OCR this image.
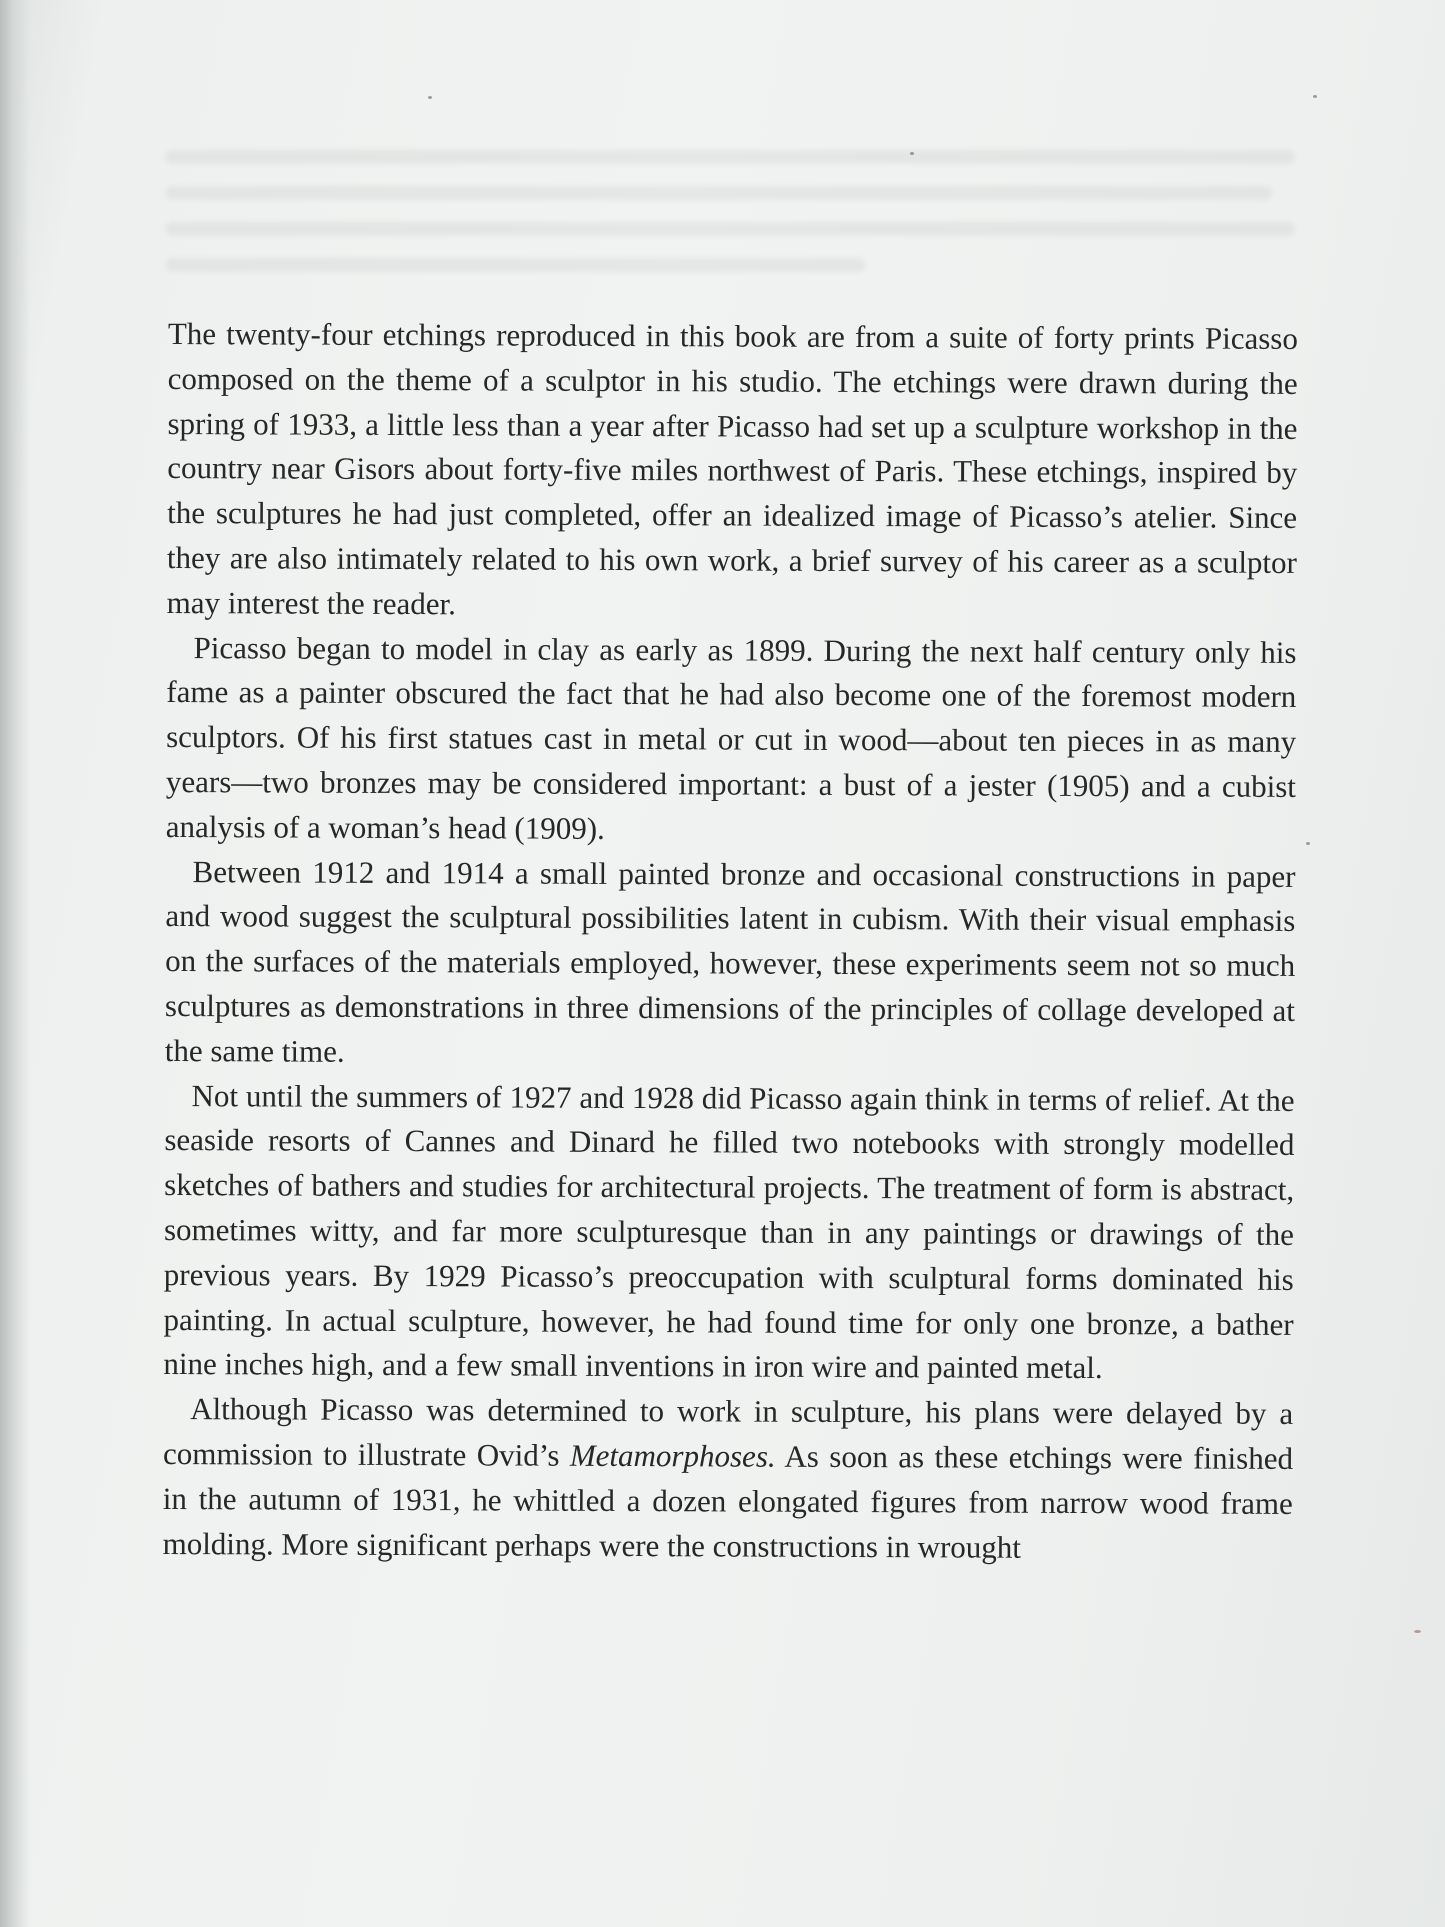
The twenty-four etchings reproduced in this book are from a suite of forty prints Picasso composed on the theme of a sculptor in his studio. The etchings were drawn during the spring of 1933, a little less than a year after Picasso had set up a sculpture workshop in the country near Gisors about forty-five miles northwest of Paris. These etchings, inspired by the sculptures he had just completed, offer an idealized image of Picasso’s atelier. Since they are also intimately related to his own work, a brief survey of his career as a sculptor may interest the reader.

Picasso began to model in clay as early as 1899. During the next half century only his fame as a painter obscured the fact that he had also become one of the foremost modern sculptors. Of his first statues cast in metal or cut in wood—about ten pieces in as many years—two bronzes may be considered important: a bust of a jester (1905) and a cubist analysis of a woman’s head (1909).

Between 1912 and 1914 a small painted bronze and occasional constructions in paper and wood suggest the sculptural possibilities latent in cubism. With their visual emphasis on the surfaces of the materials employed, however, these experiments seem not so much sculptures as demonstrations in three dimensions of the principles of collage developed at the same time.

Not until the summers of 1927 and 1928 did Picasso again think in terms of relief. At the seaside resorts of Cannes and Dinard he filled two notebooks with strongly modelled sketches of bathers and studies for architectural projects. The treatment of form is abstract, sometimes witty, and far more sculpturesque than in any paintings or drawings of the previous years. By 1929 Picasso’s preoccupation with sculptural forms dominated his painting. In actual sculpture, however, he had found time for only one bronze, a bather nine inches high, and a few small inventions in iron wire and painted metal.

Although Picasso was determined to work in sculpture, his plans were delayed by a commission to illustrate Ovid’s Metamorphoses. As soon as these etchings were finished in the autumn of 1931, he whittled a dozen elongated figures from narrow wood frame molding. More significant perhaps were the constructions in wrought
